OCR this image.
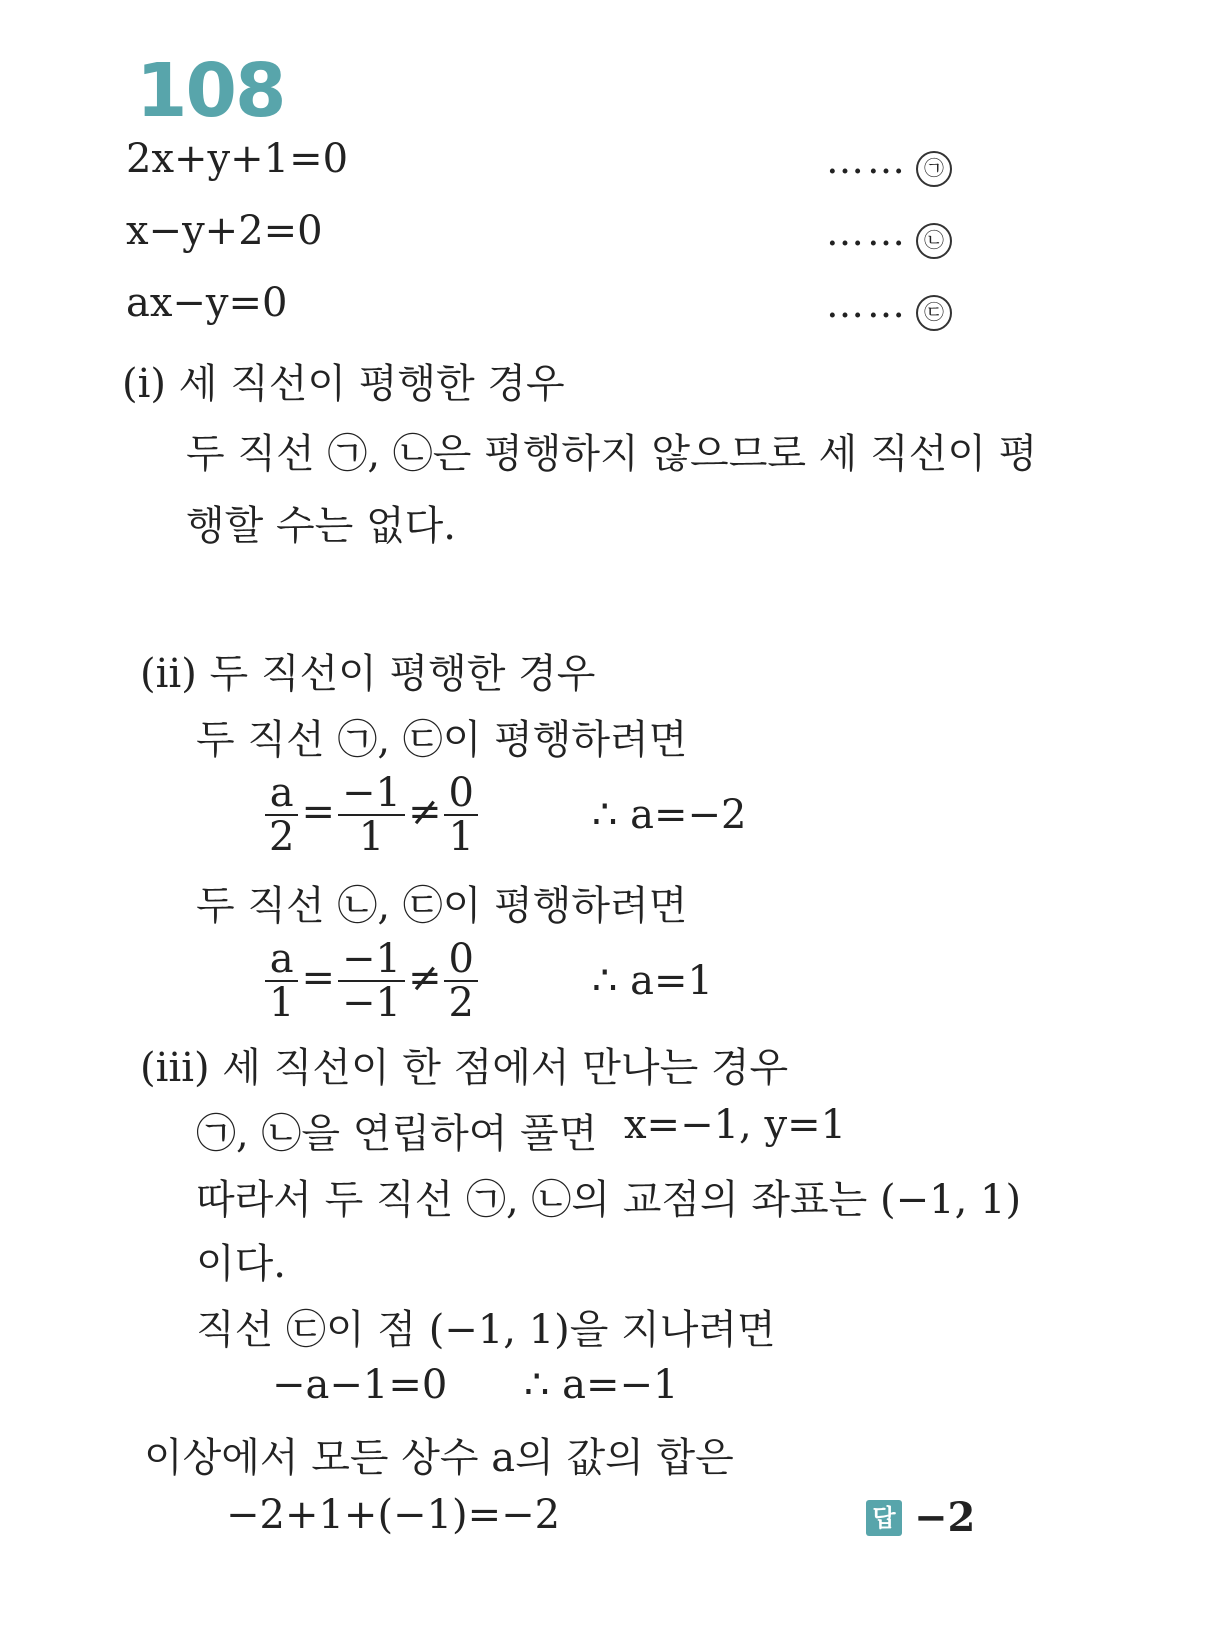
108
2x+y+1=0	…… ㉠
x−y+2=0	…… ㉡
ax−y=0	…… ㉢
(ⅰ) 세 직선이 평행한 경우
두 직선 ㉠, ㉡은 평행하지 않으므로 세 직선이 평
행할 수는 없다.
(ⅱ) 두 직선이 평행한 경우
두 직선 ㉠, ㉢이 평행하려면
$\frac{a}{2} = \frac{-1}{1} \ne \frac{0}{1}$	∴ a=−2
두 직선 ㉡, ㉢이 평행하려면
$\frac{a}{1} = \frac{-1}{-1} \ne \frac{0}{2}$	∴ a=1
(ⅲ) 세 직선이 한 점에서 만나는 경우
㉠, ㉡을 연립하여 풀면 x=−1, y=1
따라서 두 직선 ㉠, ㉡의 교점의 좌표는 (−1, 1)
이다.
직선 ㉢이 점 (−1, 1)을 지나려면
−a−1=0 ∴ a=−1
이상에서 모든 상수 a의 값의 합은
−2+1+(−1)=−2	답 −2
